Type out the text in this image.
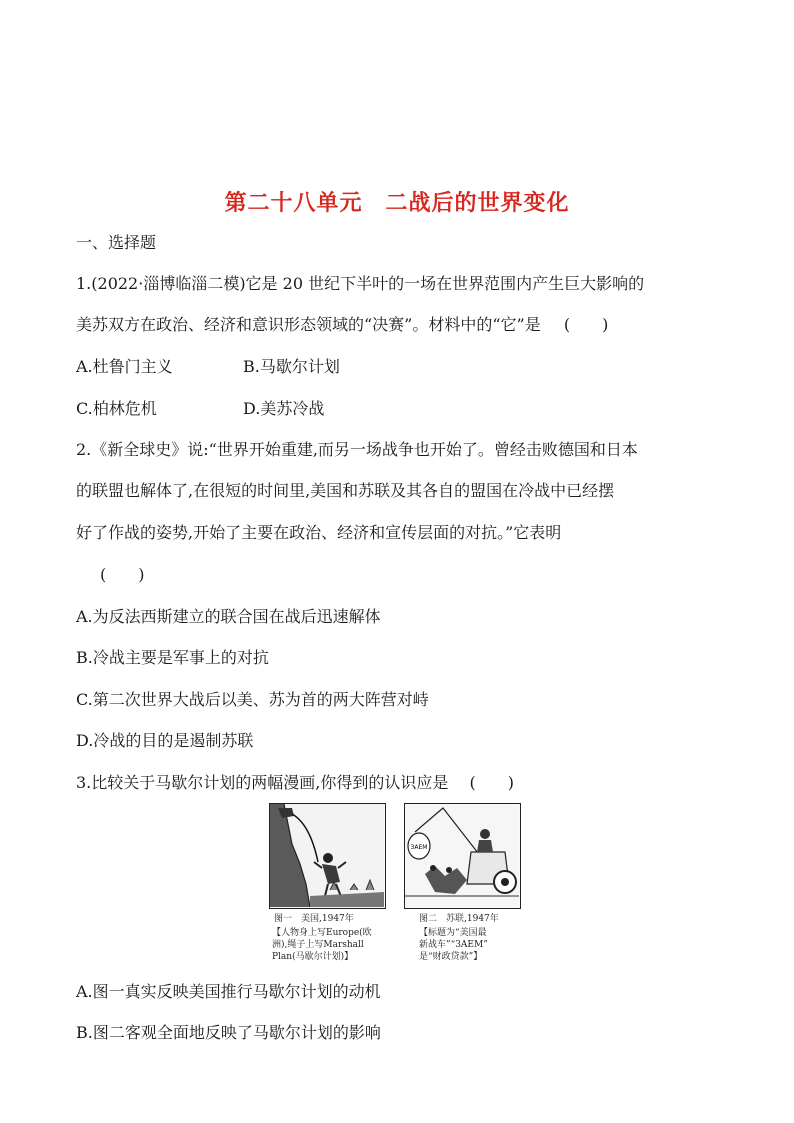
第二十八单元　二战后的世界变化
一、选择题
1.(2022·淄博临淄二模)它是 20 世纪下半叶的一场在世界范围内产生巨大影响的
美苏双方在政治、经济和意识形态领域的“决赛”。材料中的“它”是 (　　)
A.杜鲁门主义	B.马歇尔计划
C.柏林危机	D.美苏冷战
2.《新全球史》说:“世界开始重建,而另一场战争也开始了。曾经击败德国和日本
的联盟也解体了,在很短的时间里,美国和苏联及其各自的盟国在冷战中已经摆
好了作战的姿势,开始了主要在政治、经济和宣传层面的对抗。”它表明
(　　)
A.为反法西斯建立的联合国在战后迅速解体
B.冷战主要是军事上的对抗
C.第二次世界大战后以美、苏为首的两大阵营对峙
D.冷战的目的是遏制苏联
3.比较关于马歇尔计划的两幅漫画,你得到的认识应是 (　　)
3AEM
图一　美国,1947年
【人物身上写Europe(欧
洲),绳子上写Marshall
Plan(马歇尔计划)】
图二　苏联,1947年
【标题为“美国最
新战车”“3AEM”
是“财政贷款”】
A.图一真实反映美国推行马歇尔计划的动机
B.图二客观全面地反映了马歇尔计划的影响
